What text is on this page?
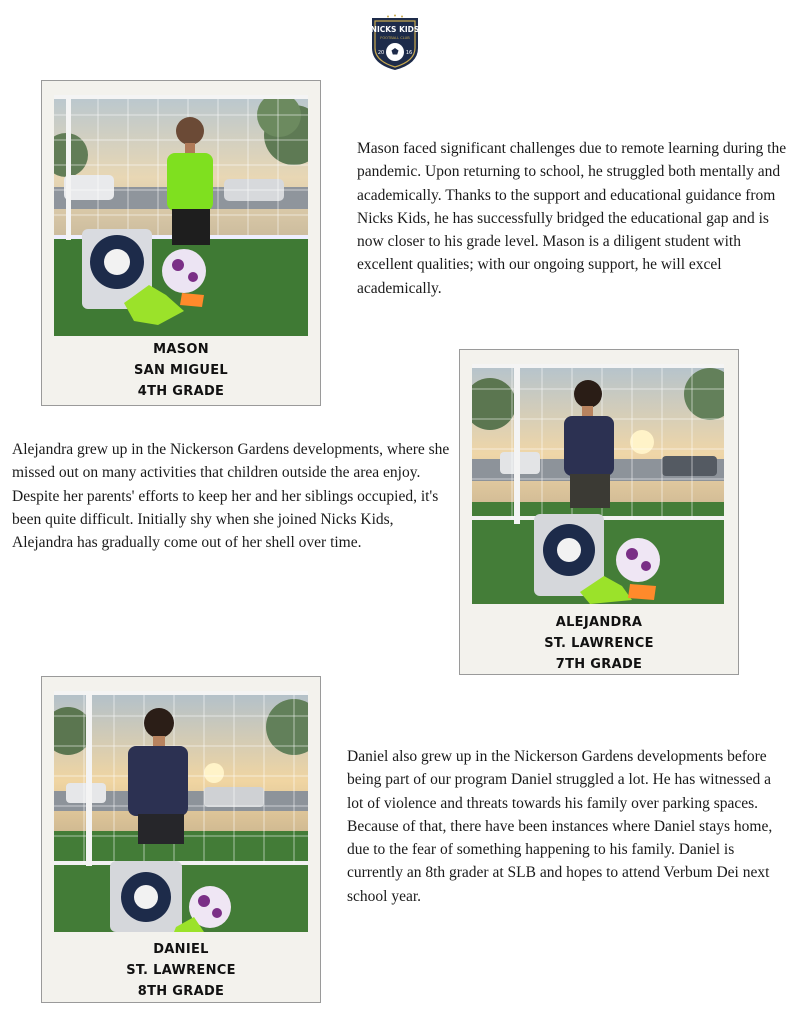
NICKS KIDS
FOOTBALL CLUB
20	16
MASON
SAN MIGUEL
4TH GRADE

Mason faced significant challenges due to remote learning during the pandemic. Upon returning to school, he struggled both mentally and academically. Thanks to the support and educational guidance from Nicks Kids, he has successfully bridged the educational gap and is now closer to his grade level. Mason is a diligent student with excellent qualities; with our ongoing support, he will excel academically.

Alejandra grew up in the Nickerson Gardens developments, where she missed out on many activities that children outside the area enjoy. Despite her parents' efforts to keep her and her siblings occupied, it's been quite difficult. Initially shy when she joined Nicks Kids, Alejandra has gradually come out of her shell over time.

ALEJANDRA
ST. LAWRENCE
7TH GRADE
DANIEL
ST. LAWRENCE
8TH GRADE

Daniel also grew up in the Nickerson Gardens developments before being part of our program Daniel struggled a lot. He has witnessed a lot of violence and threats towards his family over parking spaces. Because of that, there have been instances where Daniel stays home, due to the fear of something happening to his family. Daniel is currently an 8th grader at SLB and hopes to attend Verbum Dei next school year.
